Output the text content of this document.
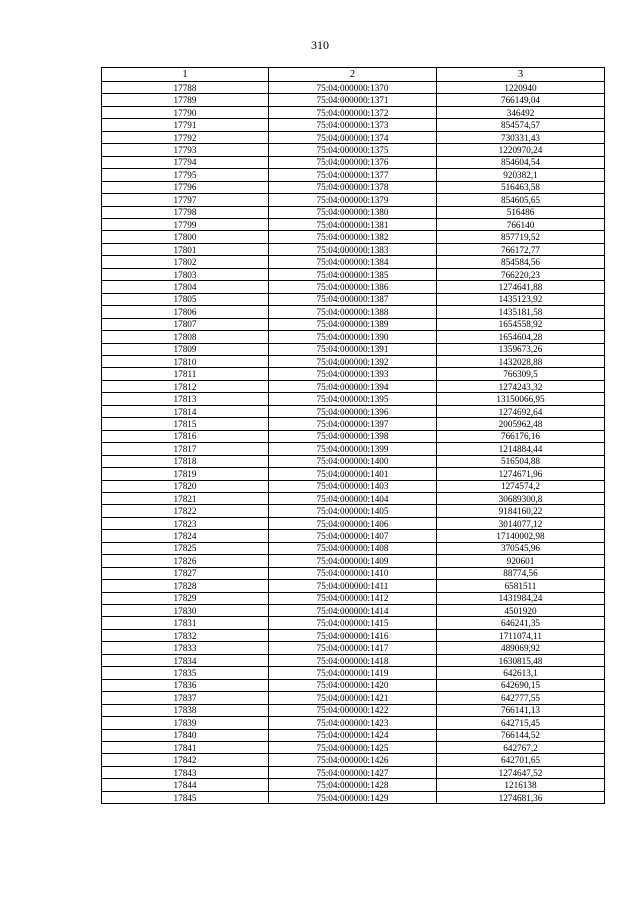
310
1	2	3
17788	75:04:000000:1370	1220940
17789	75:04:000000:1371	766149,04
17790	75:04:000000:1372	346492
17791	75:04:000000:1373	854574,57
17792	75:04:000000:1374	730331,43
17793	75:04:000000:1375	1220970,24
17794	75:04:000000:1376	854604,54
17795	75:04:000000:1377	920382,1
17796	75:04:000000:1378	516463,58
17797	75:04:000000:1379	854605,65
17798	75:04:000000:1380	516486
17799	75:04:000000:1381	766140
17800	75:04:000000:1382	857719,52
17801	75:04:000000:1383	766172,77
17802	75:04:000000:1384	854584,56
17803	75:04:000000:1385	766220,23
17804	75:04:000000:1386	1274641,88
17805	75:04:000000:1387	1435123,92
17806	75:04:000000:1388	1435181,58
17807	75:04:000000:1389	1654558,92
17808	75:04:000000:1390	1654604,28
17809	75:04:000000:1391	1359673,26
17810	75:04:000000:1392	1432028,88
17811	75:04:000000:1393	766309,5
17812	75:04:000000:1394	1274243,32
17813	75:04:000000:1395	13150066,95
17814	75:04:000000:1396	1274692,64
17815	75:04:000000:1397	2005962,48
17816	75:04:000000:1398	766176,16
17817	75:04:000000:1399	1214884,44
17818	75:04:000000:1400	516504,88
17819	75:04:000000:1401	1274671,96
17820	75:04:000000:1403	1274574,2
17821	75:04:000000:1404	30689300,8
17822	75:04:000000:1405	9184160,22
17823	75:04:000000:1406	3014077,12
17824	75:04:000000:1407	17140002,98
17825	75:04:000000:1408	370545,96
17826	75:04:000000:1409	920601
17827	75:04:000000:1410	88774,56
17828	75:04:000000:1411	6581511
17829	75:04:000000:1412	1431984,24
17830	75:04:000000:1414	4501920
17831	75:04:000000:1415	646241,35
17832	75:04:000000:1416	1711074,11
17833	75:04:000000:1417	489069,92
17834	75:04:000000:1418	1630815,48
17835	75:04:000000:1419	642613,1
17836	75:04:000000:1420	642690,15
17837	75:04:000000:1421	642777,55
17838	75:04:000000:1422	766141,13
17839	75:04:000000:1423	642715,45
17840	75:04:000000:1424	766144,52
17841	75:04:000000:1425	642767,2
17842	75:04:000000:1426	642701,65
17843	75:04:000000:1427	1274647,52
17844	75:04:000000:1428	1216138
17845	75:04:000000:1429	1274681,36
